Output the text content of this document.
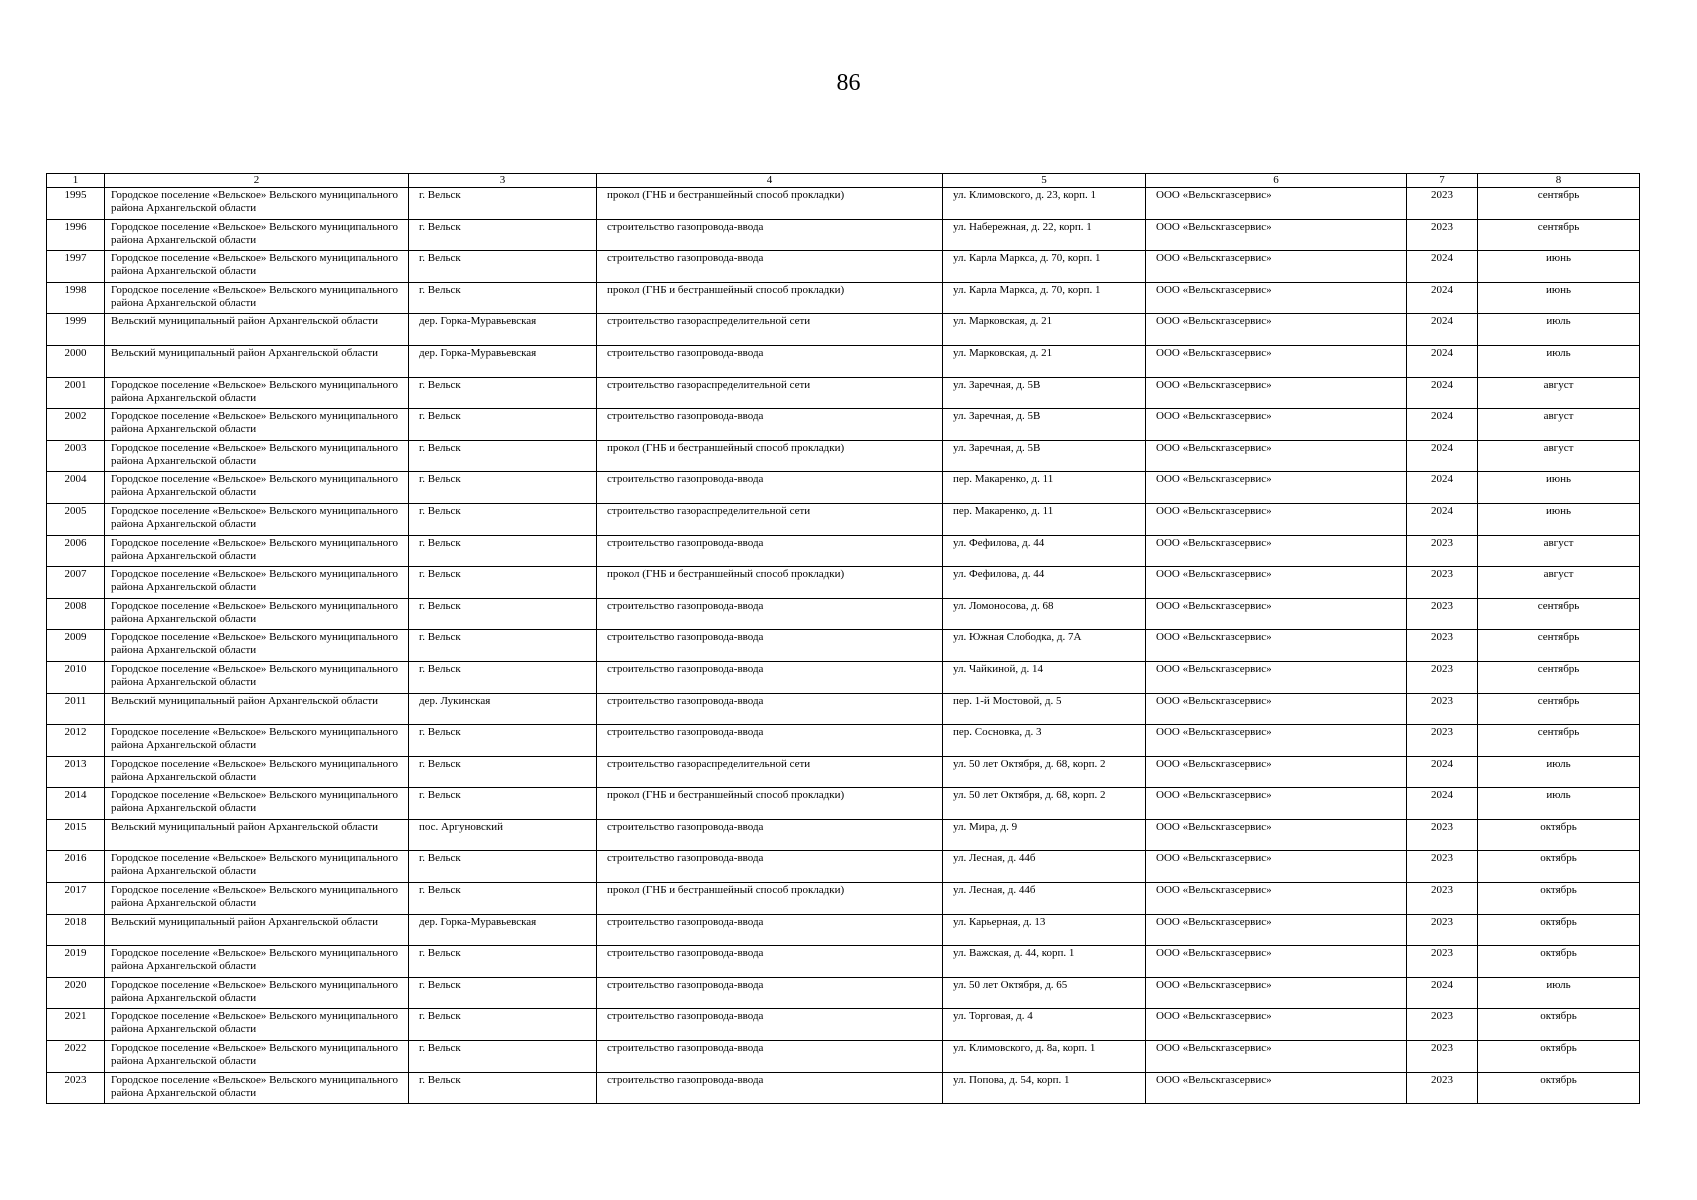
86
1	2	3	4	5	6	7	8
1995	Городское поселение «Вельское» Вельского муниципального района Архангельской области	г. Вельск	прокол (ГНБ и бестраншейный способ прокладки)	ул. Климовского, д. 23, корп. 1	ООО «Вельскгазсервис»	2023	сентябрь
1996	Городское поселение «Вельское» Вельского муниципального района Архангельской области	г. Вельск	строительство газопровода-ввода	ул. Набережная, д. 22, корп. 1	ООО «Вельскгазсервис»	2023	сентябрь
1997	Городское поселение «Вельское» Вельского муниципального района Архангельской области	г. Вельск	строительство газопровода-ввода	ул. Карла Маркса, д. 70, корп. 1	ООО «Вельскгазсервис»	2024	июнь
1998	Городское поселение «Вельское» Вельского муниципального района Архангельской области	г. Вельск	прокол (ГНБ и бестраншейный способ прокладки)	ул. Карла Маркса, д. 70, корп. 1	ООО «Вельскгазсервис»	2024	июнь
1999	Вельский муниципальный район Архангельской области	дер. Горка-Муравьевская	строительство газораспределительной сети	ул. Марковская, д. 21	ООО «Вельскгазсервис»	2024	июль
2000	Вельский муниципальный район Архангельской области	дер. Горка-Муравьевская	строительство газопровода-ввода	ул. Марковская, д. 21	ООО «Вельскгазсервис»	2024	июль
2001	Городское поселение «Вельское» Вельского муниципального района Архангельской области	г. Вельск	строительство газораспределительной сети	ул. Заречная, д. 5В	ООО «Вельскгазсервис»	2024	август
2002	Городское поселение «Вельское» Вельского муниципального района Архангельской области	г. Вельск	строительство газопровода-ввода	ул. Заречная, д. 5В	ООО «Вельскгазсервис»	2024	август
2003	Городское поселение «Вельское» Вельского муниципального района Архангельской области	г. Вельск	прокол (ГНБ и бестраншейный способ прокладки)	ул. Заречная, д. 5В	ООО «Вельскгазсервис»	2024	август
2004	Городское поселение «Вельское» Вельского муниципального района Архангельской области	г. Вельск	строительство газопровода-ввода	пер. Макаренко, д. 11	ООО «Вельскгазсервис»	2024	июнь
2005	Городское поселение «Вельское» Вельского муниципального района Архангельской области	г. Вельск	строительство газораспределительной сети	пер. Макаренко, д. 11	ООО «Вельскгазсервис»	2024	июнь
2006	Городское поселение «Вельское» Вельского муниципального района Архангельской области	г. Вельск	строительство газопровода-ввода	ул. Фефилова, д. 44	ООО «Вельскгазсервис»	2023	август
2007	Городское поселение «Вельское» Вельского муниципального района Архангельской области	г. Вельск	прокол (ГНБ и бестраншейный способ прокладки)	ул. Фефилова, д. 44	ООО «Вельскгазсервис»	2023	август
2008	Городское поселение «Вельское» Вельского муниципального района Архангельской области	г. Вельск	строительство газопровода-ввода	ул. Ломоносова, д. 68	ООО «Вельскгазсервис»	2023	сентябрь
2009	Городское поселение «Вельское» Вельского муниципального района Архангельской области	г. Вельск	строительство газопровода-ввода	ул. Южная Слободка, д. 7А	ООО «Вельскгазсервис»	2023	сентябрь
2010	Городское поселение «Вельское» Вельского муниципального района Архангельской области	г. Вельск	строительство газопровода-ввода	ул. Чайкиной, д. 14	ООО «Вельскгазсервис»	2023	сентябрь
2011	Вельский муниципальный район Архангельской области	дер. Лукинская	строительство газопровода-ввода	пер. 1-й Мостовой, д. 5	ООО «Вельскгазсервис»	2023	сентябрь
2012	Городское поселение «Вельское» Вельского муниципального района Архангельской области	г. Вельск	строительство газопровода-ввода	пер. Сосновка, д. 3	ООО «Вельскгазсервис»	2023	сентябрь
2013	Городское поселение «Вельское» Вельского муниципального района Архангельской области	г. Вельск	строительство газораспределительной сети	ул. 50 лет Октября, д. 68, корп. 2	ООО «Вельскгазсервис»	2024	июль
2014	Городское поселение «Вельское» Вельского муниципального района Архангельской области	г. Вельск	прокол (ГНБ и бестраншейный способ прокладки)	ул. 50 лет Октября, д. 68, корп. 2	ООО «Вельскгазсервис»	2024	июль
2015	Вельский муниципальный район Архангельской области	пос. Аргуновский	строительство газопровода-ввода	ул. Мира, д. 9	ООО «Вельскгазсервис»	2023	октябрь
2016	Городское поселение «Вельское» Вельского муниципального района Архангельской области	г. Вельск	строительство газопровода-ввода	ул. Лесная, д. 44б	ООО «Вельскгазсервис»	2023	октябрь
2017	Городское поселение «Вельское» Вельского муниципального района Архангельской области	г. Вельск	прокол (ГНБ и бестраншейный способ прокладки)	ул. Лесная, д. 44б	ООО «Вельскгазсервис»	2023	октябрь
2018	Вельский муниципальный район Архангельской области	дер. Горка-Муравьевская	строительство газопровода-ввода	ул. Карьерная, д. 13	ООО «Вельскгазсервис»	2023	октябрь
2019	Городское поселение «Вельское» Вельского муниципального района Архангельской области	г. Вельск	строительство газопровода-ввода	ул. Важская, д. 44, корп. 1	ООО «Вельскгазсервис»	2023	октябрь
2020	Городское поселение «Вельское» Вельского муниципального района Архангельской области	г. Вельск	строительство газопровода-ввода	ул. 50 лет Октября, д. 65	ООО «Вельскгазсервис»	2024	июль
2021	Городское поселение «Вельское» Вельского муниципального района Архангельской области	г. Вельск	строительство газопровода-ввода	ул. Торговая, д. 4	ООО «Вельскгазсервис»	2023	октябрь
2022	Городское поселение «Вельское» Вельского муниципального района Архангельской области	г. Вельск	строительство газопровода-ввода	ул. Климовского, д. 8а, корп. 1	ООО «Вельскгазсервис»	2023	октябрь
2023	Городское поселение «Вельское» Вельского муниципального района Архангельской области	г. Вельск	строительство газопровода-ввода	ул. Попова, д. 54, корп. 1	ООО «Вельскгазсервис»	2023	октябрь
